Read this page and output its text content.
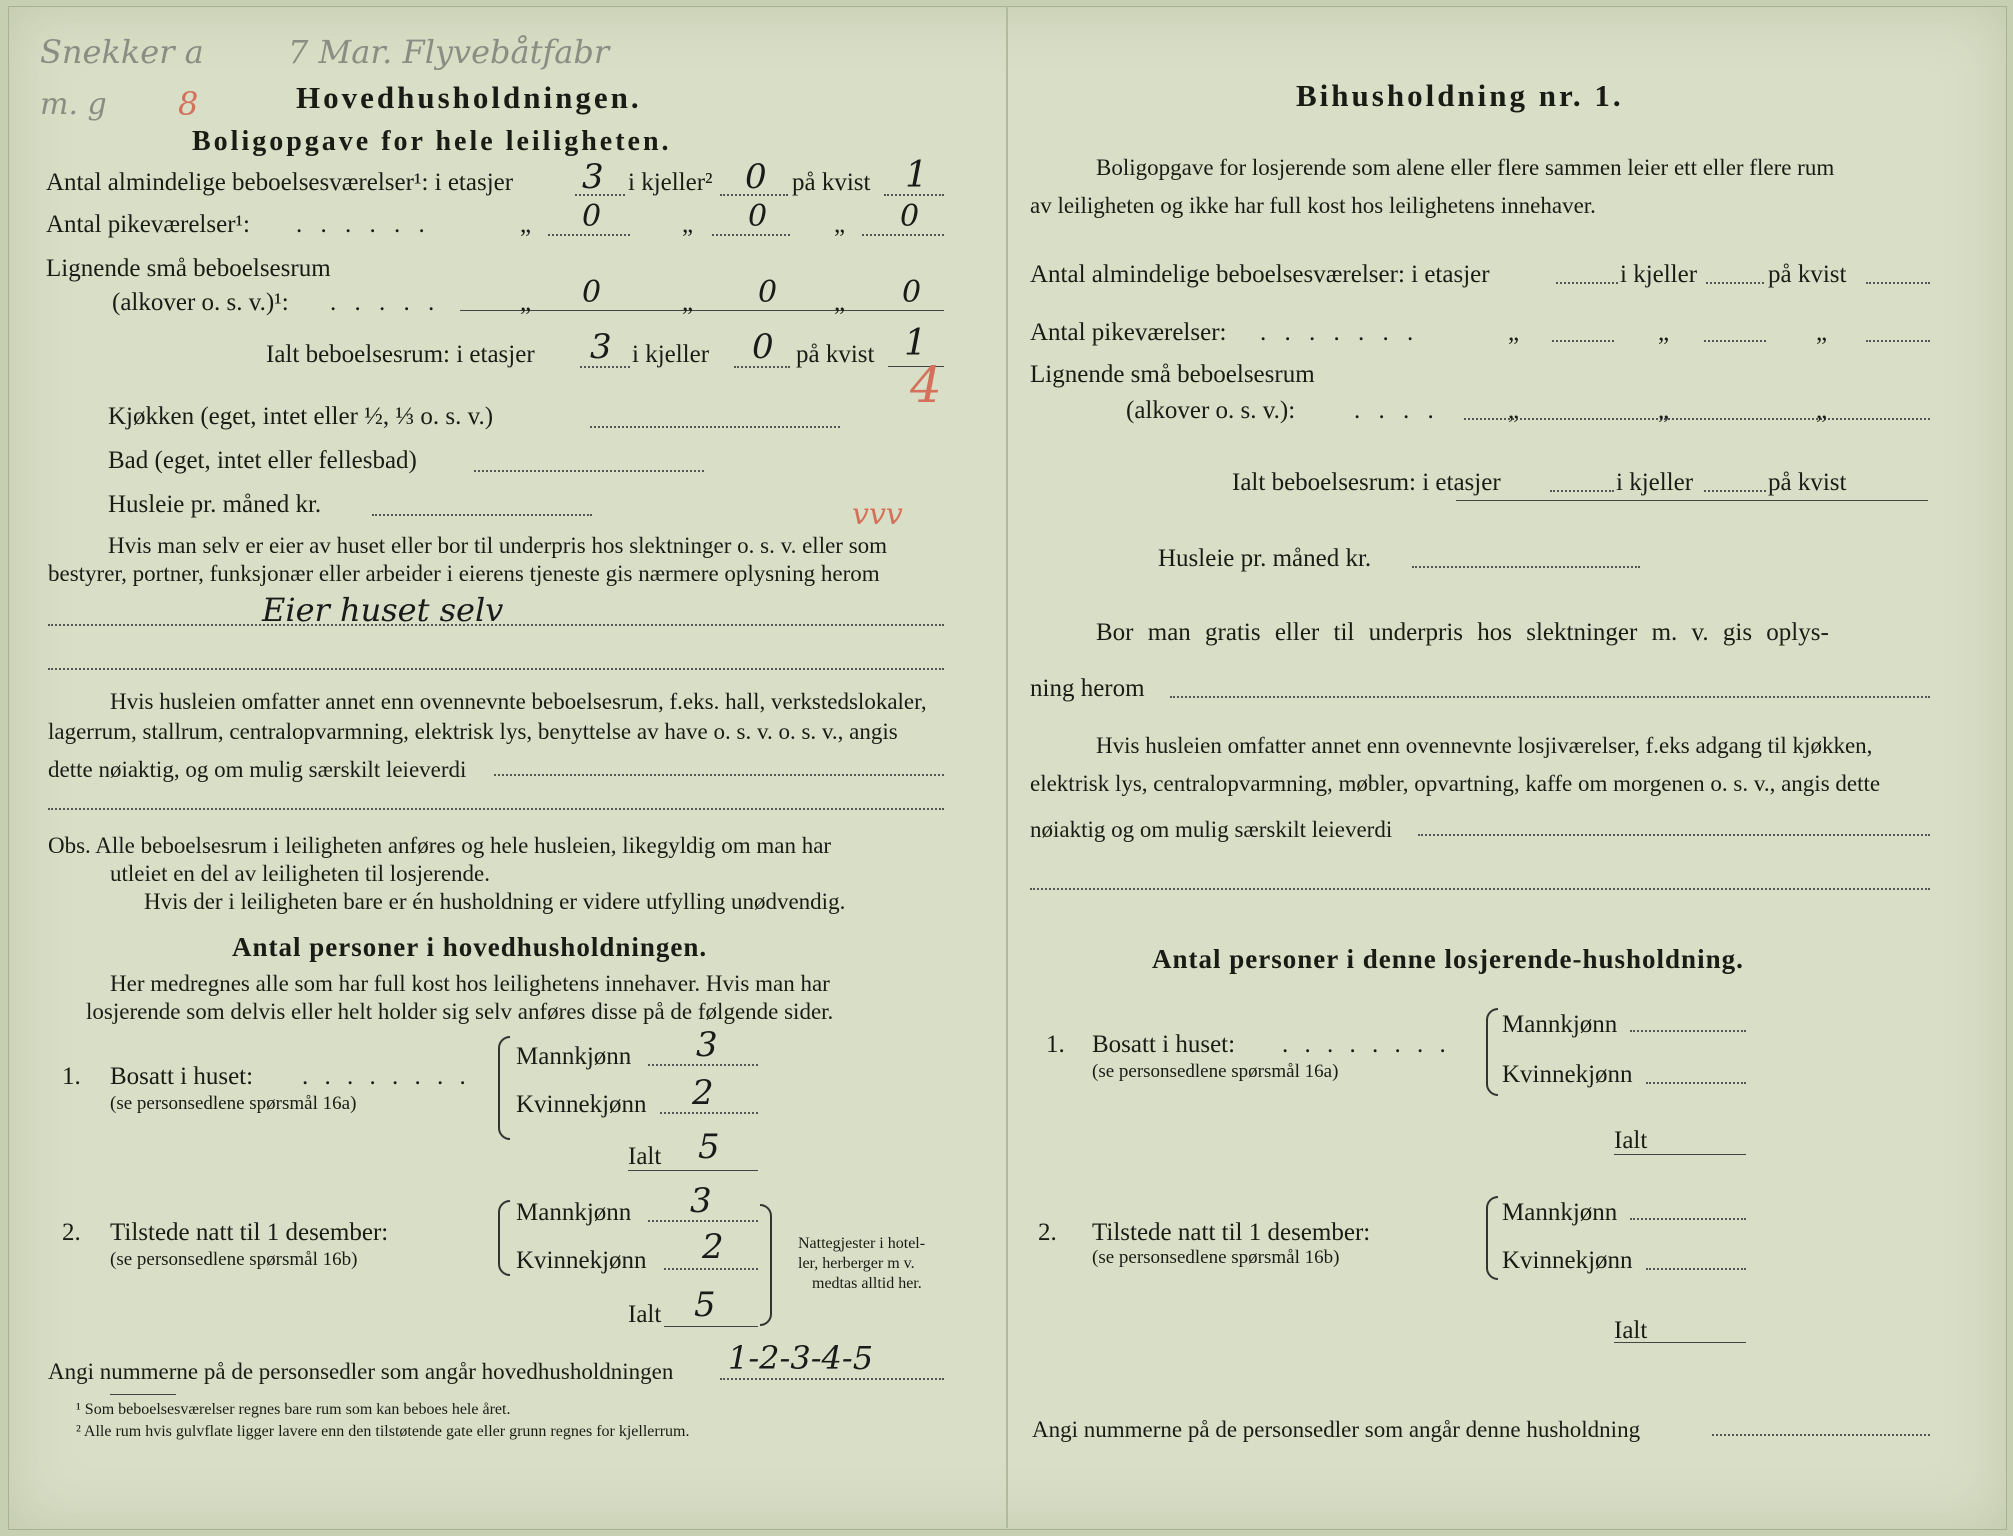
Snekker a	7 Mar. Flyvebåtfabr
m. g 8	Hovedhusholdningen.
Boligopgave for hele leiligheten.
Antal almindelige beboelsesværelser¹: i etasjer 3 i kjeller² 0 på kvist 1
Antal pikeværelser¹: . . . . . .	„ 0	„ 0	„ 0
Lignende små beboelsesrum
(alkover o. s. v.)¹: . . . . .	„ 0	„ 0 „ 0
Ialt beboelsesrum: i etasjer 3 i kjeller 0 på kvist 1
4
Kjøkken (eget, intet eller ½, ⅓ o. s. v.)
Bad (eget, intet eller fellesbad)
Husleie pr. måned kr.	vvv
Hvis man selv er eier av huset eller bor til underpris hos slektninger o. s. v. eller som
bestyrer, portner, funksjonær eller arbeider i eierens tjeneste gis nærmere oplysning herom
Eier huset selv
Hvis husleien omfatter annet enn ovennevnte beboelsesrum, f.eks. hall, verkstedslokaler,
lagerrum, stallrum, centralopvarmning, elektrisk lys, benyttelse av have o. s. v. o. s. v., angis
dette nøiaktig, og om mulig særskilt leieverdi
Obs. Alle beboelsesrum i leiligheten anføres og hele husleien, likegyldig om man har
utleiet en del av leiligheten til losjerende.
Hvis der i leiligheten bare er én husholdning er videre utfylling unødvendig.
Antal personer i hovedhusholdningen.
Her medregnes alle som har full kost hos leilighetens innehaver. Hvis man har
losjerende som delvis eller helt holder sig selv anføres disse på de følgende sider.
1. Bosatt i huset: . . . . . . . .
(se personsedlene spørsmål 16a)
Mannkjønn 3
Kvinnekjønn 2
Ialt 5
2. Tilstede natt til 1 desember:
(se personsedlene spørsmål 16b)
Mannkjønn 3
Kvinnekjønn 2
Ialt 5
Nattegjester i hotel-
ler, herberger m v.
medtas alltid her.
Angi nummerne på de personsedler som angår hovedhusholdningen 1-2-3-4-5
¹ Som beboelsesværelser regnes bare rum som kan beboes hele året.
² Alle rum hvis gulvflate ligger lavere enn den tilstøtende gate eller grunn regnes for kjellerrum.
Bihusholdning nr. 1.
Boligopgave for losjerende som alene eller flere sammen leier ett eller flere rum
av leiligheten og ikke har full kost hos leilighetens innehaver.
Antal almindelige beboelsesværelser: i etasjer	i kjeller	på kvist
Antal pikeværelser: . . . . . . .	„	„	„
Lignende små beboelsesrum
(alkover o. s. v.): . . . .	„	„	„
Ialt beboelsesrum: i etasjer	i kjeller	på kvist
Husleie pr. måned kr.
Bor man gratis eller til underpris hos slektninger m. v. gis oplys-
ning herom
Hvis husleien omfatter annet enn ovennevnte losjiværelser, f.eks adgang til kjøkken,
elektrisk lys, centralopvarmning, møbler, opvartning, kaffe om morgenen o. s. v., angis dette
nøiaktig og om mulig særskilt leieverdi
Antal personer i denne losjerende-husholdning.
1. Bosatt i huset: . . . . . . . .
(se personsedlene spørsmål 16a)
Mannkjønn
Kvinnekjønn
Ialt
2. Tilstede natt til 1 desember:
(se personsedlene spørsmål 16b)
Mannkjønn
Kvinnekjønn
Ialt
Angi nummerne på de personsedler som angår denne husholdning
